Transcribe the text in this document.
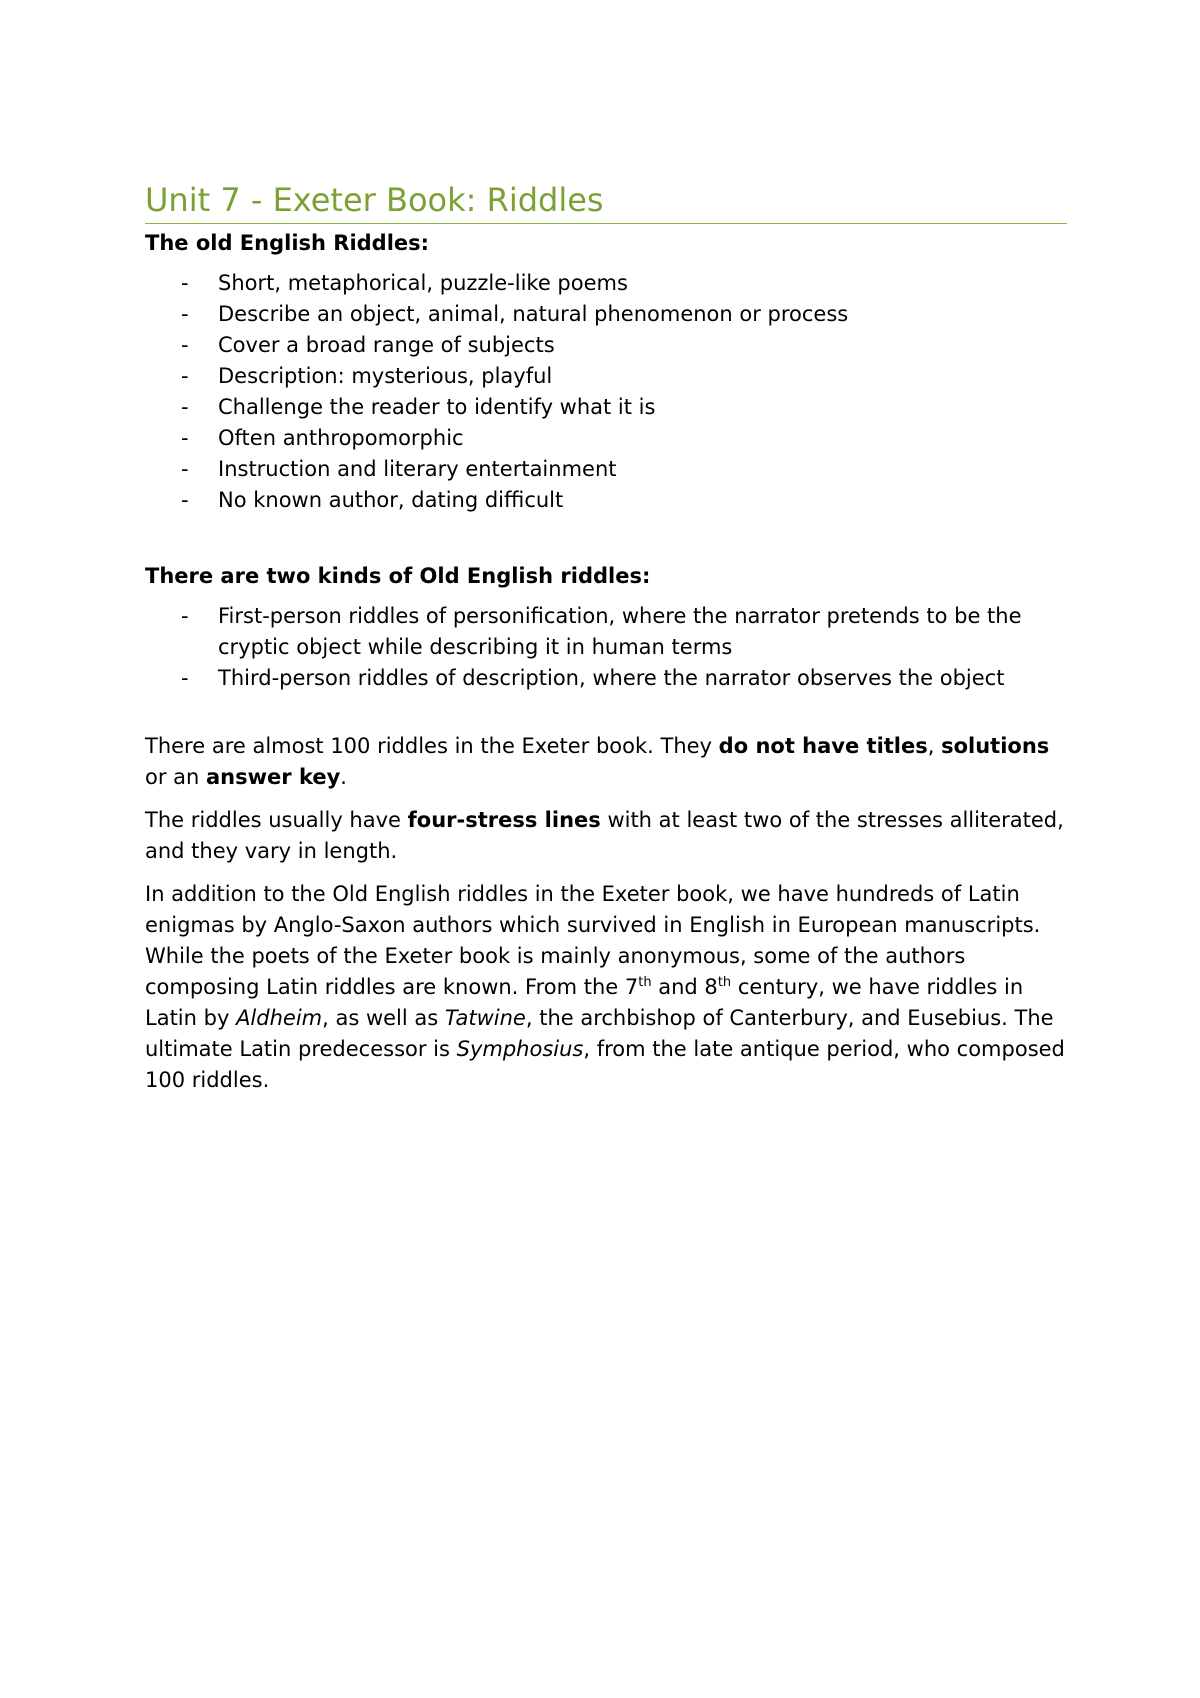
Unit 7 - Exeter Book: Riddles
The old English Riddles:
- Short, metaphorical, puzzle-like poems
- Describe an object, animal, natural phenomenon or process
- Cover a broad range of subjects
- Description: mysterious, playful
- Challenge the reader to identify what it is
- Often anthropomorphic
- Instruction and literary entertainment
- No known author, dating difficult
There are two kinds of Old English riddles:
- First-person riddles of personification, where the narrator pretends to be the cryptic object while describing it in human terms
- Third-person riddles of description, where the narrator observes the object

There are almost 100 riddles in the Exeter book. They do not have titles, solutions or an answer key.

The riddles usually have four-stress lines with at least two of the stresses alliterated, and they vary in length.

In addition to the Old English riddles in the Exeter book, we have hundreds of Latin enigmas by Anglo-Saxon authors which survived in English in European manuscripts. While the poets of the Exeter book is mainly anonymous, some of the authors composing Latin riddles are known. From the 7th and 8th century, we have riddles in Latin by Aldheim, as well as Tatwine, the archbishop of Canterbury, and Eusebius. The ultimate Latin predecessor is Symphosius, from the late antique period, who composed 100 riddles.
